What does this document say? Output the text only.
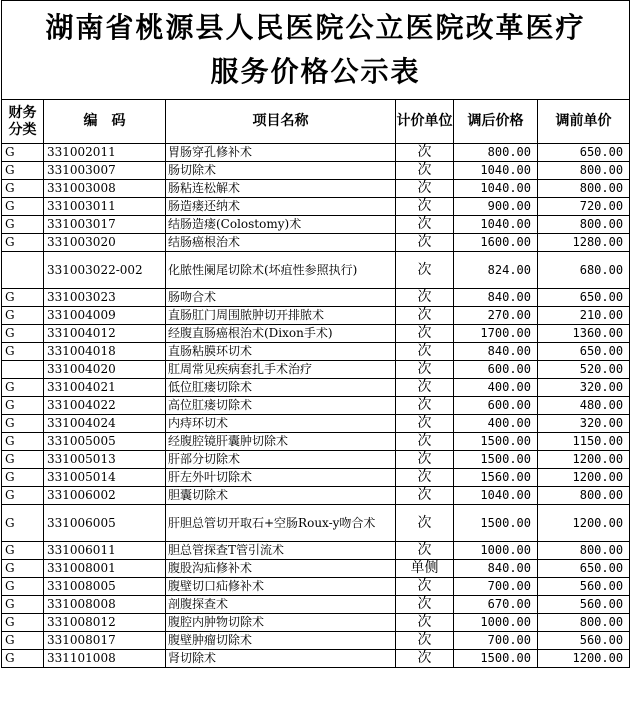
湖南省桃源县人民医院公立医院改革医疗
服务价格公示表					

财务分类	编　码	项目名称	计价单位	调后价格	调前单价
G	331002011	胃肠穿孔修补术	次	800.00	650.00
G	331003007	肠切除术	次	1040.00	800.00
G	331003008	肠粘连松解术	次	1040.00	800.00
G	331003011	肠造瘘还纳术	次	900.00	720.00
G	331003017	结肠造瘘(Colostomy)术	次	1040.00	800.00
G	331003020	结肠癌根治术	次	1600.00	1280.00
	331003022-002	化脓性阑尾切除术(坏疽性参照执行)	次	824.00	680.00
G	331003023	肠吻合术	次	840.00	650.00
G	331004009	直肠肛门周围脓肿切开排脓术	次	270.00	210.00
G	331004012	经腹直肠癌根治术(Dixon手术)	次	1700.00	1360.00
G	331004018	直肠粘膜环切术	次	840.00	650.00
	331004020	肛周常见疾病套扎手术治疗	次	600.00	520.00
G	331004021	低位肛瘘切除术	次	400.00	320.00
G	331004022	高位肛瘘切除术	次	600.00	480.00
G	331004024	内痔环切术	次	400.00	320.00
G	331005005	经腹腔镜肝囊肿切除术	次	1500.00	1150.00
G	331005013	肝部分切除术	次	1500.00	1200.00
G	331005014	肝左外叶切除术	次	1560.00	1200.00
G	331006002	胆囊切除术	次	1040.00	800.00
G	331006005	肝胆总管切开取石+空肠Roux-y吻合术	次	1500.00	1200.00
G	331006011	胆总管探查T管引流术	次	1000.00	800.00
G	331008001	腹股沟疝修补术	单侧	840.00	650.00
G	331008005	腹壁切口疝修补术	次	700.00	560.00
G	331008008	剖腹探查术	次	670.00	560.00
G	331008012	腹腔内肿物切除术	次	1000.00	800.00
G	331008017	腹壁肿瘤切除术	次	700.00	560.00
G	331101008	肾切除术	次	1500.00	1200.00
